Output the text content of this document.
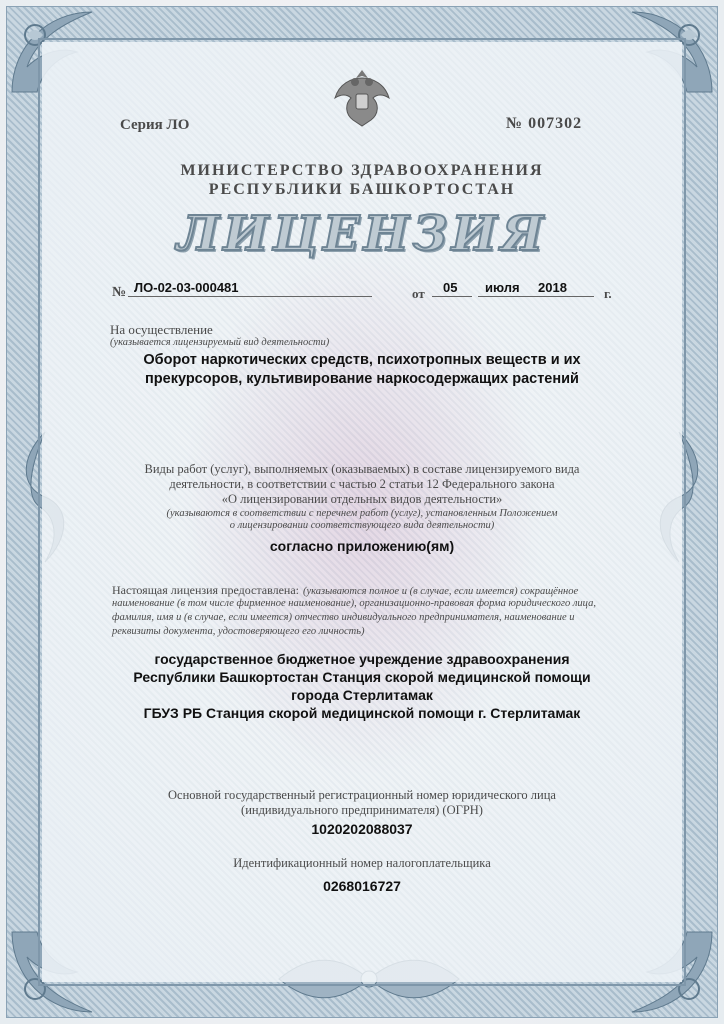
Серия ЛО	№ 007302
МИНИСТЕРСТВО ЗДРАВООХРАНЕНИЯ
РЕСПУБЛИКИ БАШКОРТОСТАН
ЛИЦЕНЗИЯ
№ ЛО-02-03-000481	от 05 июля 2018	г.
На осуществление
(указывается лицензируемый вид деятельности)
Оборот наркотических средств, психотропных веществ и их
прекурсоров, культивирование наркосодержащих растений
Виды работ (услуг), выполняемых (оказываемых) в составе лицензируемого вида
деятельности, в соответствии с частью 2 статьи 12 Федерального закона
«О лицензировании отдельных видов деятельности»
(указываются в соответствии с перечнем работ (услуг), установленным Положением
о лицензировании соответствующего вида деятельности)
согласно приложению(ям)
Настоящая лицензия предоставлена: (указываются полное и (в случае, если имеется) сокращённое
наименование (в том числе фирменное наименование), организационно-правовая форма юридического лица,
фамилия, имя и (в случае, если имеется) отчество индивидуального предпринимателя, наименование и
реквизиты документа, удостоверяющего его личность)
государственное бюджетное учреждение здравоохранения
Республики Башкортостан Станция скорой медицинской помощи
города Стерлитамак
ГБУЗ РБ Станция скорой медицинской помощи г. Стерлитамак
Основной государственный регистрационный номер юридического лица
(индивидуального предпринимателя) (ОГРН)
1020202088037
Идентификационный номер налогоплательщика
0268016727
